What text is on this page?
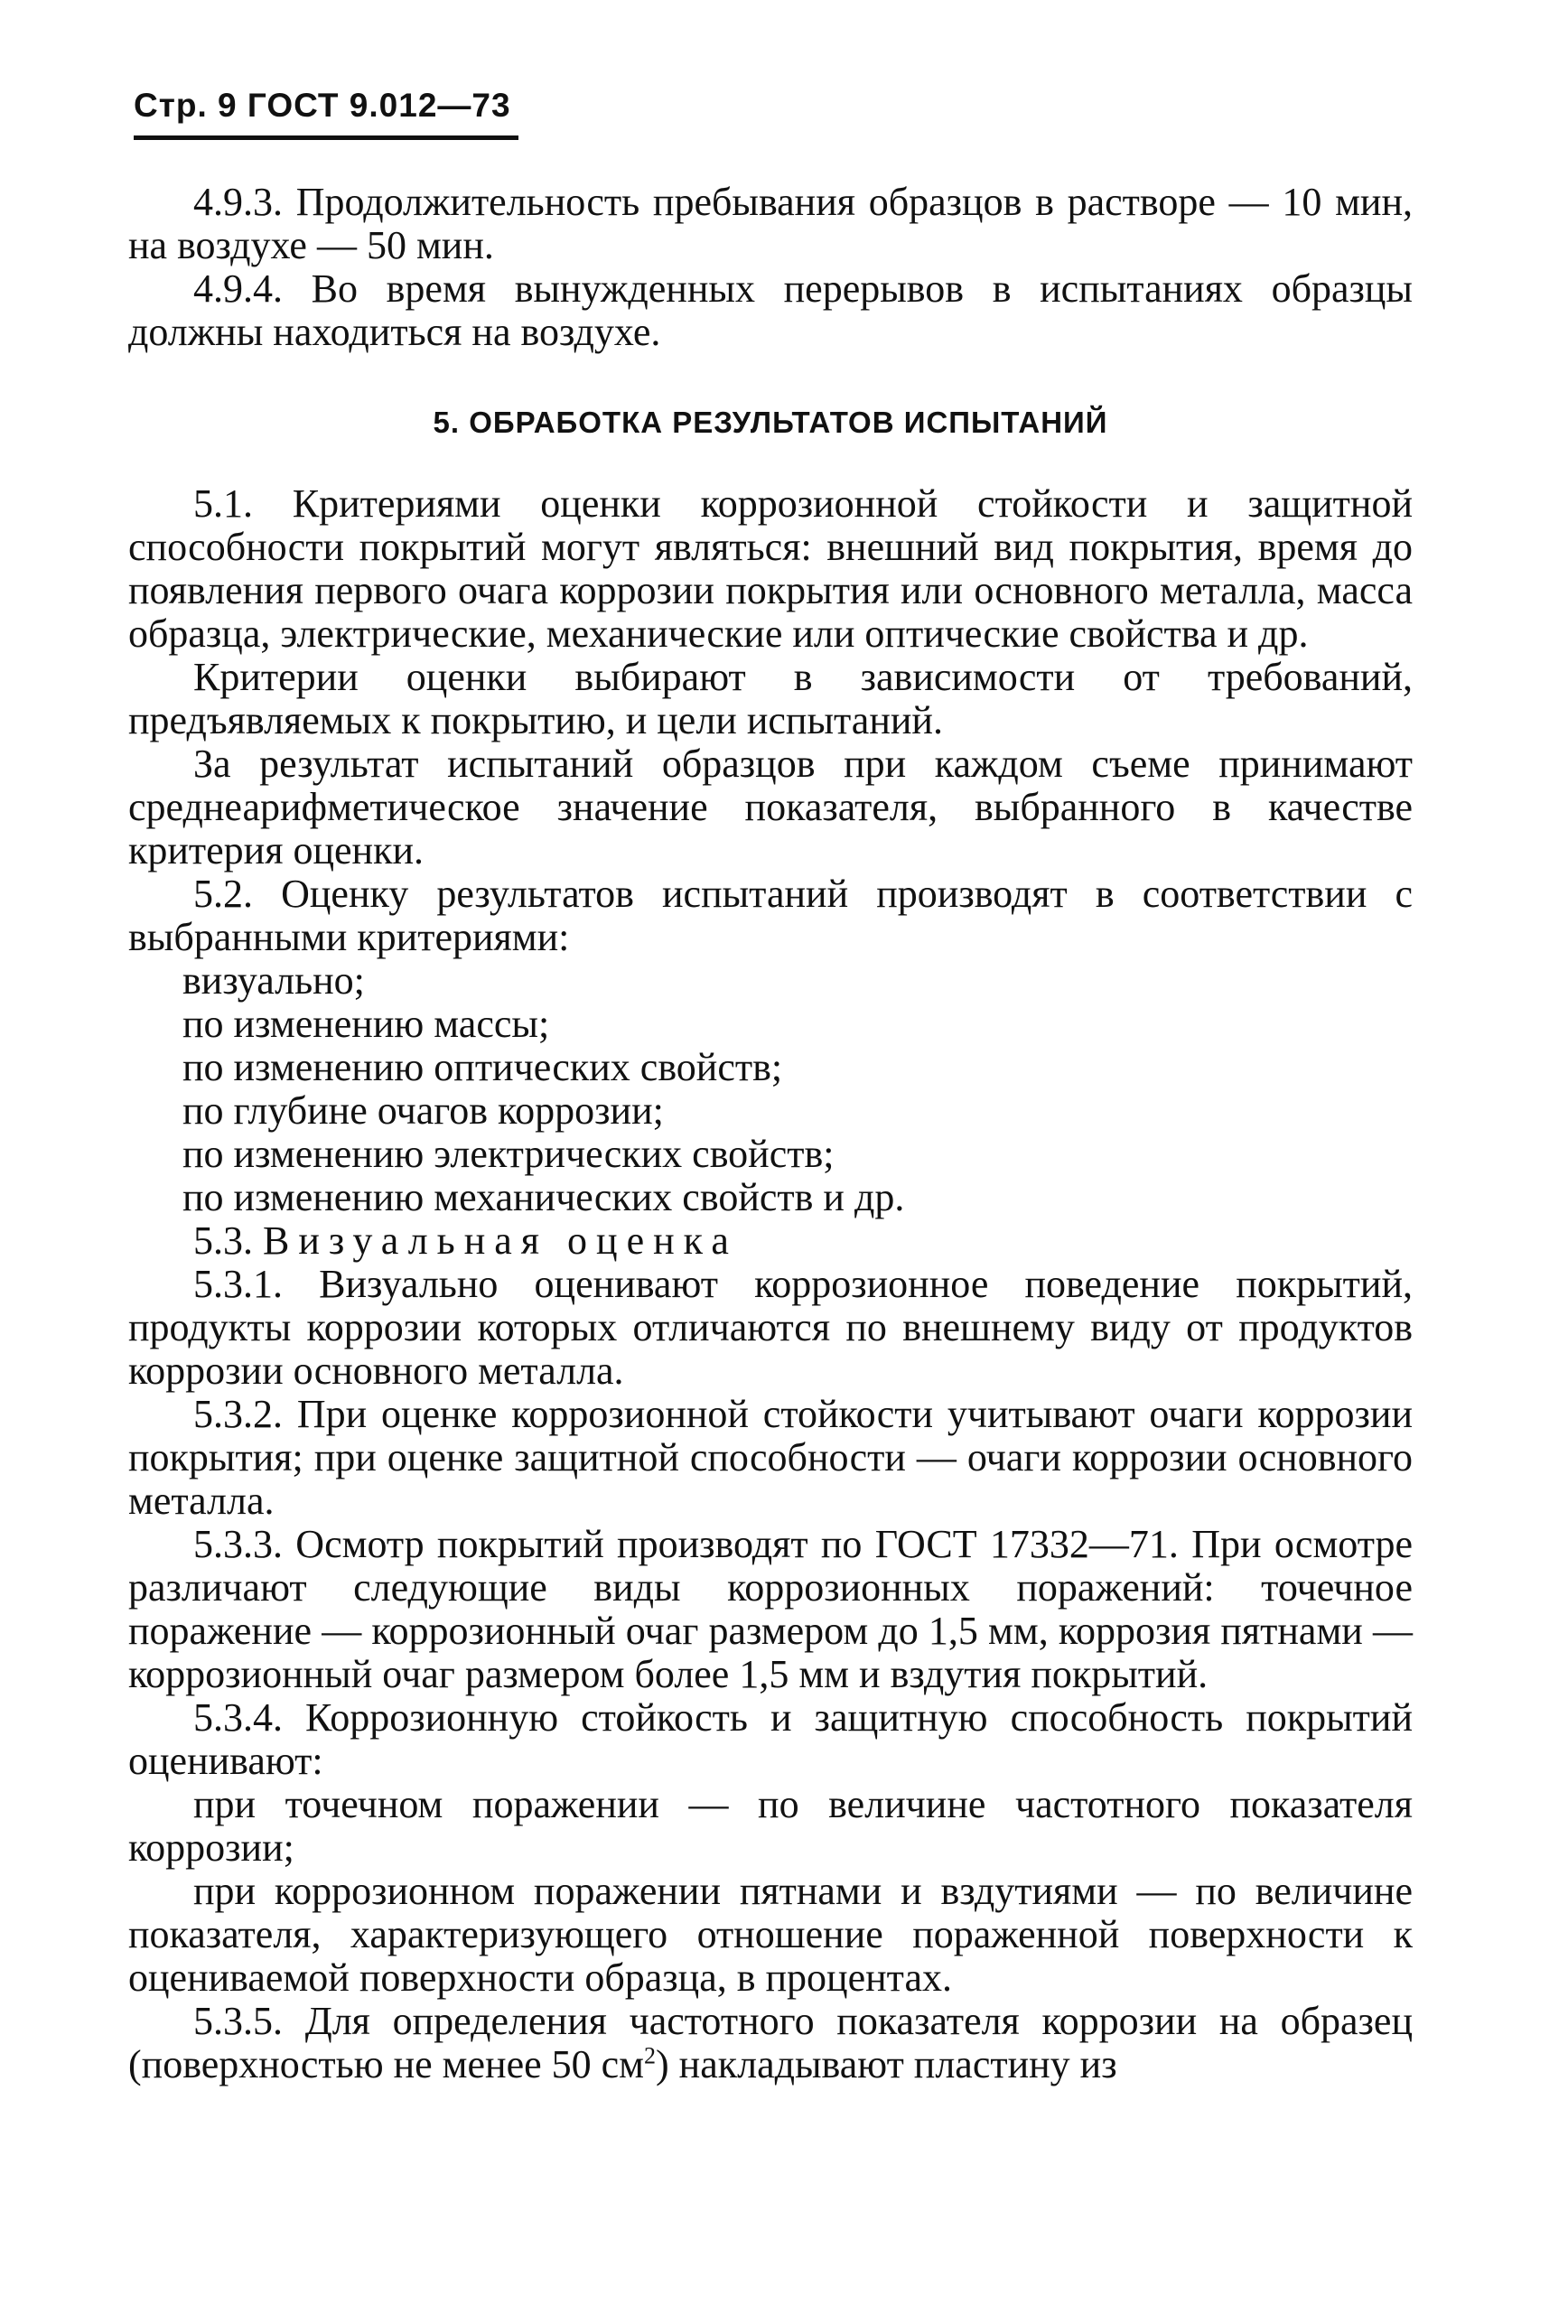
Стр. 9 ГОСТ 9.012—73

4.9.3. Продолжительность пребывания образцов в растворе — 10 мин, на воздухе — 50 мин.

4.9.4. Во время вынужденных перерывов в испытаниях образцы должны находиться на воздухе.

5. ОБРАБОТКА РЕЗУЛЬТАТОВ ИСПЫТАНИЙ

5.1. Критериями оценки коррозионной стойкости и защитной способности покрытий могут являться: внешний вид покрытия, время до появления первого очага коррозии покрытия или основного металла, масса образца, электрические, механические или оптические свойства и др.

Критерии оценки выбирают в зависимости от требований, предъявляемых к покрытию, и цели испытаний.

За результат испытаний образцов при каждом съеме принимают среднеарифметическое значение показателя, выбранного в качестве критерия оценки.

5.2. Оценку результатов испытаний производят в соответствии с выбранными критериями:

визуально;

по изменению массы;

по изменению оптических свойств;

по глубине очагов коррозии;

по изменению электрических свойств;

по изменению механических свойств и др.

5.3. Визуальная оценка

5.3.1. Визуально оценивают коррозионное поведение покрытий, продукты коррозии которых отличаются по внешнему виду от продуктов коррозии основного металла.

5.3.2. При оценке коррозионной стойкости учитывают очаги коррозии покрытия; при оценке защитной способности — очаги коррозии основного металла.

5.3.3. Осмотр покрытий производят по ГОСТ 17332—71. При осмотре различают следующие виды коррозионных поражений: точечное поражение — коррозионный очаг размером до 1,5 мм, коррозия пятнами — коррозионный очаг размером более 1,5 мм и вздутия покрытий.

5.3.4. Коррозионную стойкость и защитную способность покрытий оценивают:

при точечном поражении — по величине частотного показателя коррозии;

при коррозионном поражении пятнами и вздутиями — по величине показателя, характеризующего отношение пораженной поверхности к оцениваемой поверхности образца, в процентах.

5.3.5. Для определения частотного показателя коррозии на образец (поверхностью не менее 50 $см^2$) накладывают пластину из
